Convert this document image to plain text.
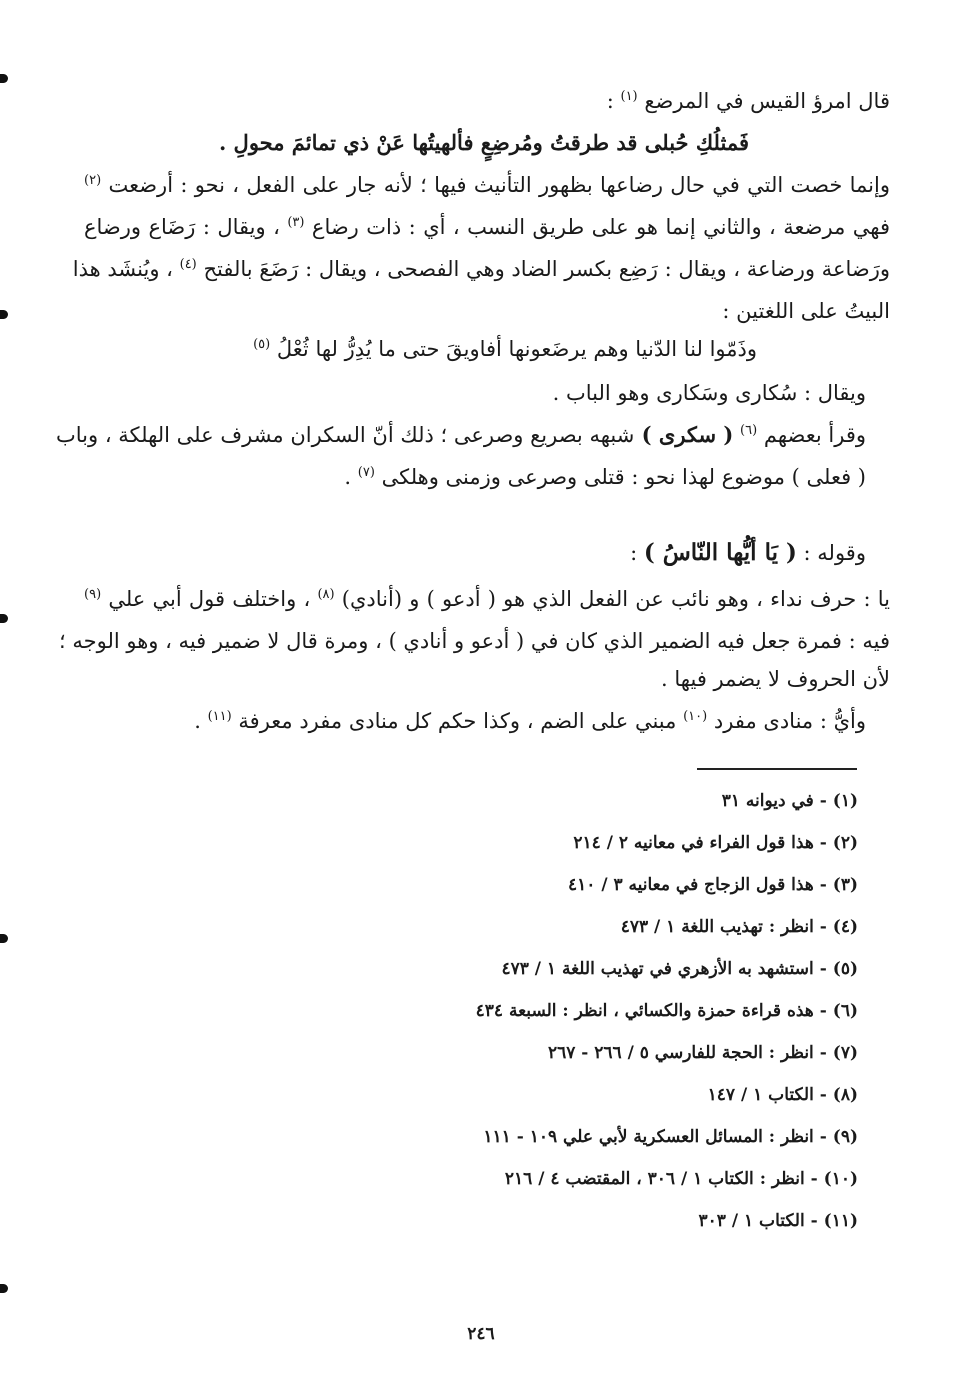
قال امرؤ القيس في المرضع $^{(١)}$ :
فَمثلُكِ حُبلى قد طرقتُ ومُرضِعٍ فألهيتُها عَنْ ذي تمائمَ محولِ .
وإنما خصت التي في حال رضاعها بظهور التأنيث فيها ؛ لأنه جار على الفعل ، نحو : أرضعت $^{(٢)}$
فهي مرضعة ، والثاني إنما هو على طريق النسب ، أي : ذات رضاع $^{(٣)}$ ، ويقال : رَضَاع ورضاع
ورَضاعة ورضاعة ، ويقال : رَضِع بكسر الضاد وهي الفصحى ، ويقال : رَضَعَ بالفتح $^{(٤)}$ ، ويُنشَد هذا
البيتُ على اللغتين :
وذَمّوا لنا الدّنيا وهم يرضَعونها أفاويقَ حتى ما يُدِرُّ لها ثُعْلُ $^{(٥)}$
ويقال : سُكارى وسَكارى وهو الباب .
وقرأ بعضهم $^{(٦)}$ ( سكرى ) شبهه بصريع وصرعى ؛ ذلك أنّ السكران مشرف على الهلكة ، وباب
( فعلى ) موضوع لهذا نحو : قتلى وصرعى وزمنى وهلكى $^{(٧)}$ .
وقوله : ( يَا أيُّها النّاسُ ) :
يا : حرف نداء ، وهو نائب عن الفعل الذي هو ( أدعو ) و (أنادي) $^{(٨)}$ ، واختلف قول أبي علي $^{(٩)}$
فيه : فمرة جعل فيه الضمير الذي كان في ( أدعو و أنادي ) ، ومرة قال لا ضمير فيه ، وهو الوجه ؛
لأن الحروف لا يضمر فيها .
وأيُّ : منادى مفرد $^{(١٠)}$ مبني على الضم ، وكذا حكم كل منادى مفرد معرفة $^{(١١)}$ .
(١)- في ديوانه ٣١
(٢)- هذا قول الفراء في معانيه ٢ / ٢١٤
(٣)- هذا قول الزجاج في معانيه ٣ / ٤١٠
(٤)- انظر : تهذيب اللغة ١ / ٤٧٣
(٥)- استشهد به الأزهري في تهذيب اللغة ١ / ٤٧٣
(٦)- هذه قراءة حمزة والكسائي ، انظر : السبعة ٤٣٤
(٧)- انظر : الحجة للفارسي ٥ / ٢٦٦ - ٢٦٧
(٨)- الكتاب ١ / ١٤٧
(٩)- انظر : المسائل العسكرية لأبي علي ١٠٩ - ١١١
(١٠)- انظر : الكتاب ١ / ٣٠٦ ، المقتضب ٤ / ٢١٦
(١١)- الكتاب ١ / ٣٠٣
٢٤٦
